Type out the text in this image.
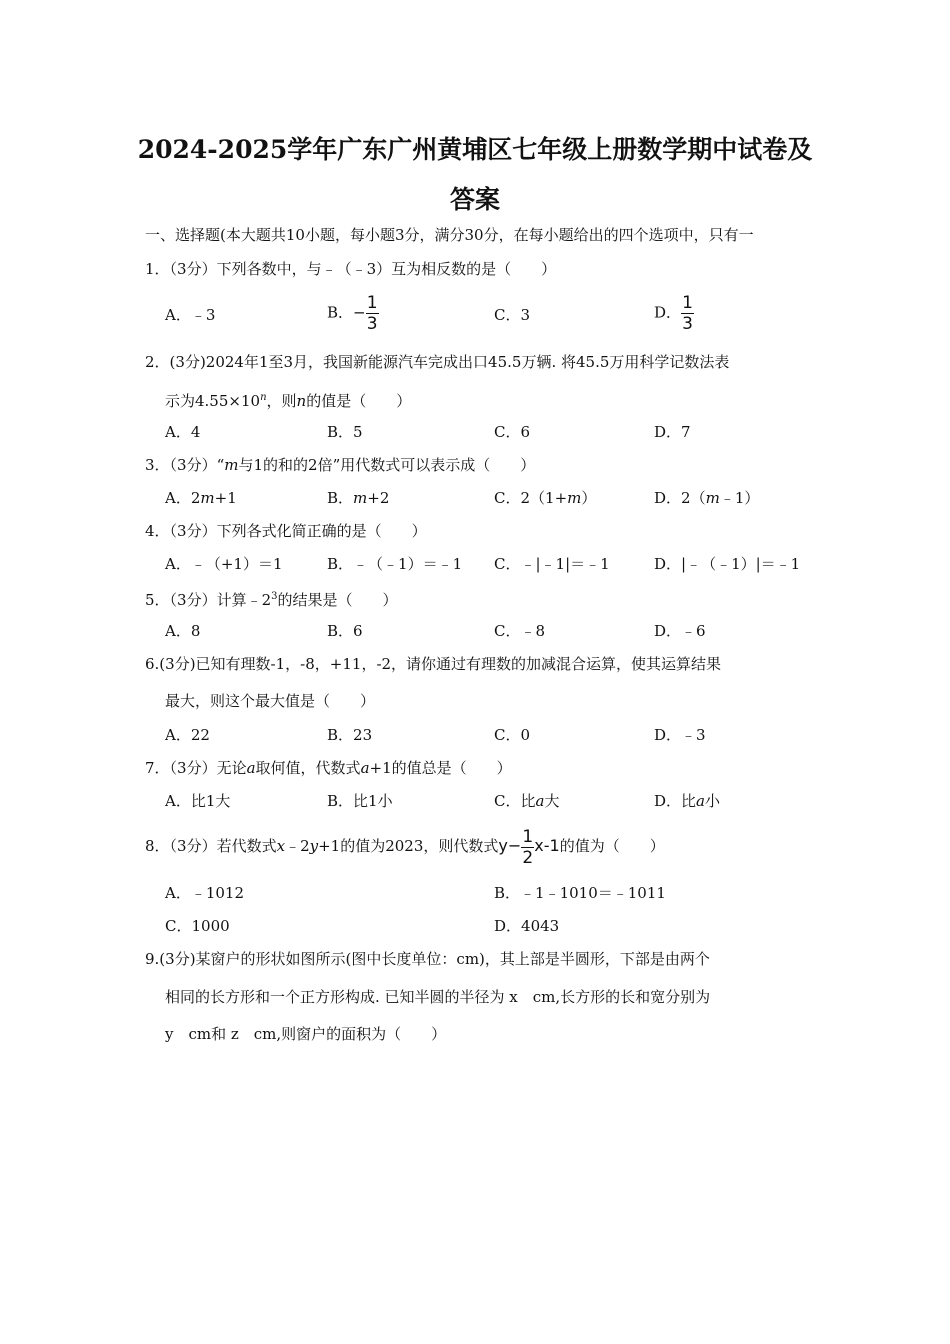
2024-2025学年广东广州黄埔区七年级上册数学期中试卷及
答案
一、选择题(本大题共10小题，每小题3分，满分30分，在每小题给出的四个选项中，只有一
1．（3分）下列各数中，与﹣（﹣3）互为相反数的是（　　）
A．﹣3	B．− $\frac{1}{3}$	C．3	D． $\frac{1}{3}$
2．(3分)2024年1至3月，我国新能源汽车完成出口45.5万辆. 将45.5万用科学记数法表
示为$4.55\times 10^n$，则n的值是（　　）
A．4	B．5	C．6	D．7
3．（3分）“m与1的和的2倍”用代数式可以表示成（　　）
A．2m+1	B．m+2	C．2（1+m）	D．2（m﹣1）
4．（3分）下列各式化简正确的是（　　）
A．﹣（+1）＝1	B．﹣（﹣1）＝﹣1 C．﹣|﹣1|＝﹣1	D．|﹣（﹣1）|＝﹣1
5．（3分）计算$﹣2^3$的结果是（　　）
A．8	B．6	C．﹣8	D．﹣6
6.(3分)已知有理数-1，-8，+11，-2，请你通过有理数的加减混合运算，使其运算结果
最大，则这个最大值是（　　）
A．22	B．23	C．0	D．﹣3
7．（3分）无论a取何值，代数式a+1的值总是（　　）
A．比1大	B．比1小	C．比a大	D．比a小
8．（3分）若代数式x﹣2y+1的值为2023，则代数式$y- \frac{1}{2} x-1$的值为（　　）
A．﹣1012	B．﹣1﹣1010＝﹣1011
C．1000	D．4043
9.(3分)某窗户的形状如图所示(图中长度单位：cm)，其上部是半圆形，下部是由两个
相同的长方形和一个正方形构成. 已知半圆的半径为 x　cm,长方形的长和宽分别为
y　cm和 z　cm,则窗户的面积为（　　）
